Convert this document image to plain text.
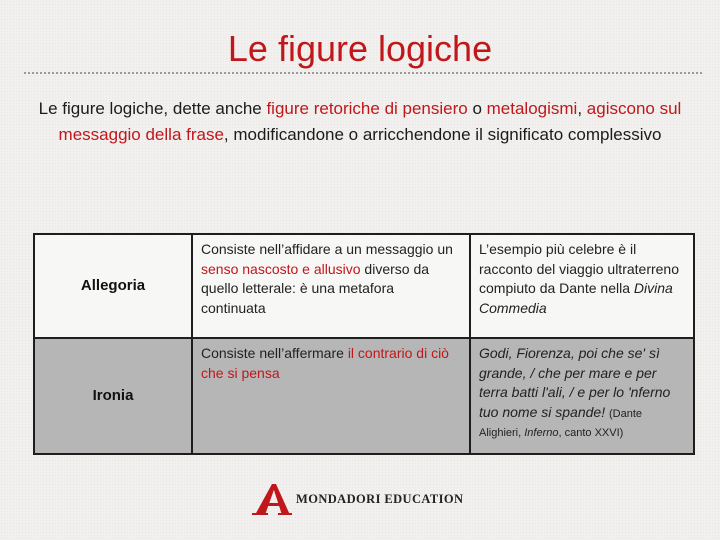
Le figure logiche
Le figure logiche, dette anche figure retoriche di pensiero o metalogismi, agiscono sul messaggio della frase, modificandone o arricchendone il significato complessivo
Allegoria	Consiste nell’affidare a un messaggio un senso nascosto e allusivo diverso da quello letterale: è una metafora continuata	L’esempio più celebre è il racconto del viaggio ultraterreno compiuto da Dante nella Divina Commedia
Ironia	Consiste nell’affermare il contrario di ciò che si pensa	Godi, Fiorenza, poi che se' sì grande, / che per mare e per terra batti l'ali, / e per lo 'nferno tuo nome si spande! (Dante Alighieri, Inferno, canto XXVI)
MONDADORI EDUCATION
